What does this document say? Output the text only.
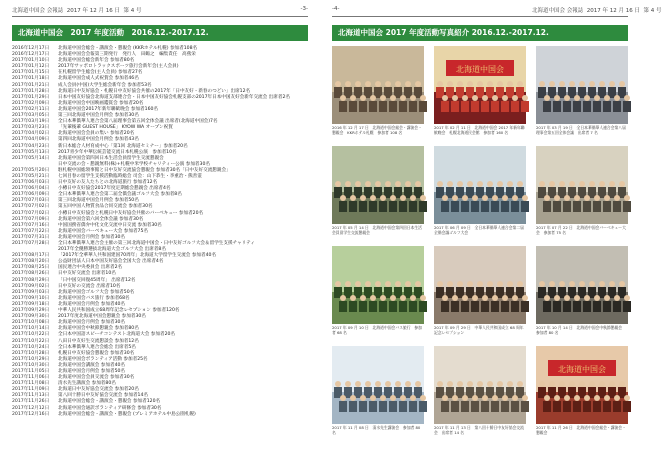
北海道中国会 会報誌 2017 年 12 月 16 日 第 4 号	-3-
北海道中国会　2017 年度活動　2016.12.-2017.12.
2016年12月17日	北海道中国会総会・講演会・懇親会 (KKRホテル札幌) 参加者108名
2016年12月17日	北海道中国会会報第三期発行　発行人　田鶴之　編集責任　高燕栄
2017年01月10日	北海道中国会総会新年会 参加者80名
2017年01月12日	2017年サッポロトラックスポーツ旅行会新年会(主人会員)
2017年01月15日	在札幌留学生総会(主人会員) 参加者27名
2017年01月18日	北海道中国会成人式祝賀会 参加者46名
2017年01月21日	成人会員(中国)大学生総会新年会 参加者53名
2017年01月28日	北海道日中友好協会・札幌日中友好協会共催の2017年「日中友好・新春のつどい」出席12名
2017年01月29日	日本中国友好協会北海道支部連合会・日本中国友好協会札幌支部の2017年日本中国友好会新年交流会 出席者2名
2017年02月09日	北海道中国会中国映画鑑賞会 参加者20名
2017年02月11日	北海道中国会2017年新年聯歓晚会 参加者160名
2017年03月05日	第三回北海道中国会月例会 参加者30名
2017年03月19日	全日本華僑華人連合会第八届理事会第五回全体会議 出席者(北海道中国会)7名
2017年03月23日	「先輩後輩 GUEST HOUSE」 KYOW WA オープン祝賀
2017年04月02日	北海道中国会会員の集い 参加者20名
2017年04月09日	第四回北海道中国会月例会 参加者43名
2017年04月23日	新日本総合人材育成中心「第1回 北海道セミナー」参加者20名
2017年05月13日	2017青少年中華伝統芸能交流日本札幌公演　参加者10名
2017年05月14日	北海道中国会第四回日本生活会員留学生交流懇親会
日中交流の会・懇親無料(株)+札幌中米学校チャリティー公演 参加者30名
2017年05月20日	駐札幌中国総領事館と日中友好交流協会懇親会 参加者30名「日中友好交流懇親会」
2017年05月21日	七回目春の留学生支援活動臨時総会 司会：山下恭生・李重治・熊善霊
2017年06月03日	日中友好の友人たちとの北海道旅行 参加者12名
2017年06月04日	小樽日中友好協会2017年度定期総会懇親会 出席者4名
2017年06月09日	全日本華僑華人連合会第二届全僑会議ゴルフ大会 参加者8名
2017年07月03日	第三回北海道中国会月例会 参加者50名
2017年07月02日	第五回中国人物質食品合同交流会 参加者30名
2017年07月02日	小樽日中友好協会と札幌日中友好協会共催のバーベキュー 参加者20名
2017年07月09日	北海道中国会第六回全体会議 参加者30名
2017年07月16日	中国国務省僑弁中化文化交流中日交流 参加者30名
2017年07月22日	北海道中国会バーベキュー大会 参加者75名
2017年07月31日	北海道中国会月例会 参加者30名
2017年07月28日	全日本華僑華人連合会主催の第三回北海道中国会・日中友好ゴルフ大会＆留学生支援チャリティ
2017年全優勝選抜北海道大会ゴルフ大会 出席者8名
2017年08月17日	「2017年全華華人共和国建国70周年」北海道大学留学生交流会 参加者40名
2017年08月20日	公益財団法人日本中国友好協会全国大会 出席者4名
2017年08月25日	国民連合中央委員会 出席者2名
2017年08月26日	日中友好交流会 出席者10名
2017年08月29日	「日中国交回復45周年」 出席者12名
2017年09月02日	日中友好の交流会 出席者10名
2017年09月03日	北海道中国会ゴルフ大会 参加者50名
2017年09月10日	北海道中国会バス旅行 参加者68名
2017年09月18日	北海道中国会月例会 参加者40名
2017年09月29日	中華人民共和国成立68周年記念レセプション 参加者120名
2017年09月30日	2017年度北海道中国会懇親会 参加者30名
2017年10月08日	北海道中国会月例会 参加者30名
2017年10月14日	北海道中国会中秋節懇親会 参加者80名
2017年10月22日	全日本中国語スピーチコンテスト北海道大会 参加者20名
2017年10月22日	八田日中友好生交流懇談会 参加者12名
2017年10月24日	全日本華僑華人連合会総会 出席者5名
2017年10月28日	札幌日中友好協会懇親会 参加者30名
2017年10月29日	北海道中国会ボランティア活動 参加者25名
2017年10月30日	北海道中国会講演会 参加者40名
2017年11月05日	北海道中国会月例会 参加者50名
2017年11月06日	北海道中国会会員交流会 参加者30名
2017年11月08日	清水先生講演会 参加者80名
2017年11月09日	北海道日中友好協会交流会 参加者20名
2017年11月13日	第八回十勝日中友好協会交流会 参加者14名
2017年11月26日	北海道中国会総会・講演会・懇親会 参加者120名
2017年12月12日	北海道中国会通訳ボランティア研修会 参加者30名
2017年12月16日	北海道中国会総会・講演会・懇親会 (プレミアホテル中島公園札幌)
-4-	北海道中国会 会報誌 2017 年 12 月 16 日 第 4 号
北海道中国会 2017 年度活動写真紹介 2016.12.-2017.12.
2016 年 12 月 17 日　北海道中国会総会・講演会・懇親会　KKRホテル札幌　参加者 108 名
北海道中国会
2017 年 02 月 11 日　北海道中国会 2017 年新年聯歓晚会　札幌北海道民会館　参加者 160 名
2017 年 03 月 19 日　全日本華僑華人連合会第八届理事会第五回全体会議　出席者 7 名
2017 年 05 月 14 日　北海道中国会第四回日本生活会員留学生交流懇親会
2017 年 06 月 09 日　全日本華僑華人連合会第二届全僑会議ゴルフ大会
2017 年 07 月 22 日　北海道中国会バーベキュー大会　参加者 75 名
2017 年 09 月 10 日　北海道中国会バス旅行　参加者 68 名
2017 年 09 月 29 日　中華人民共和国成立 68 周年記念レセプション
2017 年 10 月 14 日　北海道中国会中秋節懇親会　参加者 80 名
2017 年 11 月 08 日　清水先生講演会　参加者 80 名
2017 年 11 月 13 日　第八回十勝日中友好協会交流会　出席者 14 名
北海道中国会
2017 年 11 月 26 日　北海道中国会総会・講演会・懇親会
